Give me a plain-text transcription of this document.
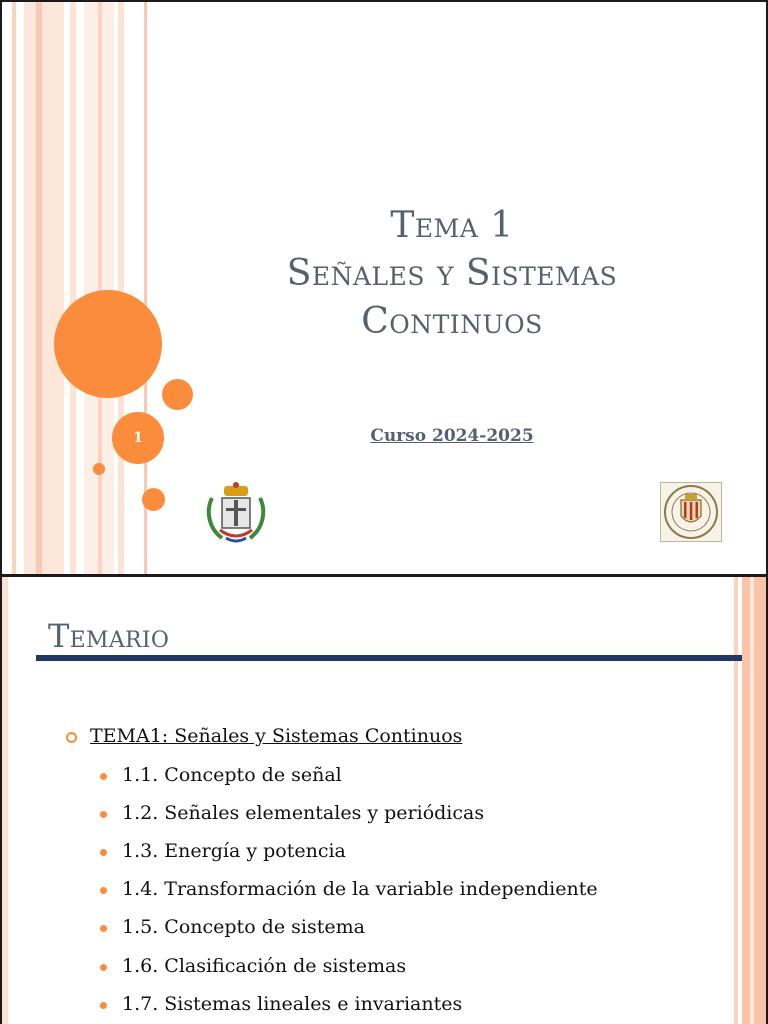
1
Tema 1
Señales y Sistemas
Continuos
Curso 2024-2025
Temario
TEMA1: Señales y Sistemas Continuos
1.1. Concepto de señal
1.2. Señales elementales y periódicas
1.3. Energía y potencia
1.4. Transformación de la variable independiente
1.5. Concepto de sistema
1.6. Clasificación de sistemas
1.7. Sistemas lineales e invariantes
